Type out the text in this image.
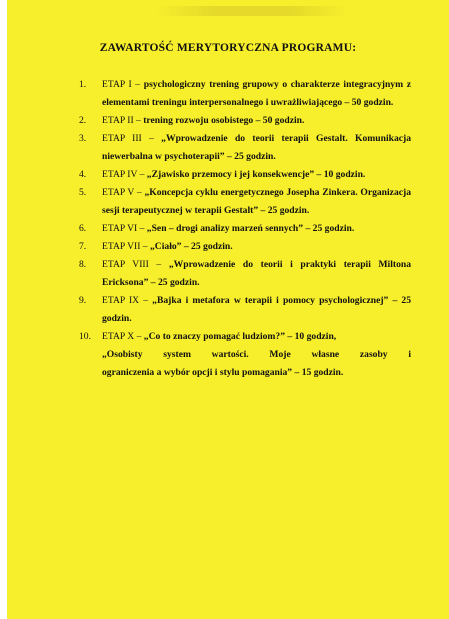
ZAWARTOŚĆ MERYTORYCZNA PROGRAMU:
1. ETAP I – psychologiczny trening grupowy o charakterze integracyjnym z elementami treningu interpersonalnego i uwrażliwiającego – 50 godzin.
2. ETAP II – trening rozwoju osobistego – 50 godzin.
3. ETAP III – „Wprowadzenie do teorii terapii Gestalt. Komunikacja niewerbalna w psychoterapii” – 25 godzin.
4. ETAP IV – „Zjawisko przemocy i jej konsekwencje” – 10 godzin.
5. ETAP V – „Koncepcja cyklu energetycznego Josepha Zinkera. Organizacja sesji terapeutycznej w terapii Gestalt” – 25 godzin.
6. ETAP VI – „Sen – drogi analizy marzeń sennych” – 25 godzin.
7. ETAP VII – „Ciało” – 25 godzin.
8. ETAP VIII – „Wprowadzenie do teorii i praktyki terapii Miltona Ericksona” – 25 godzin.
9. ETAP IX – „Bajka i metafora w terapii i pomocy psychologicznej” – 25 godzin.
10. ETAP X – „Co to znaczy pomagać ludziom?” – 10 godzin,
„Osobisty system wartości. Moje własne zasoby i
ograniczenia a wybór opcji i stylu pomagania” – 15 godzin.
